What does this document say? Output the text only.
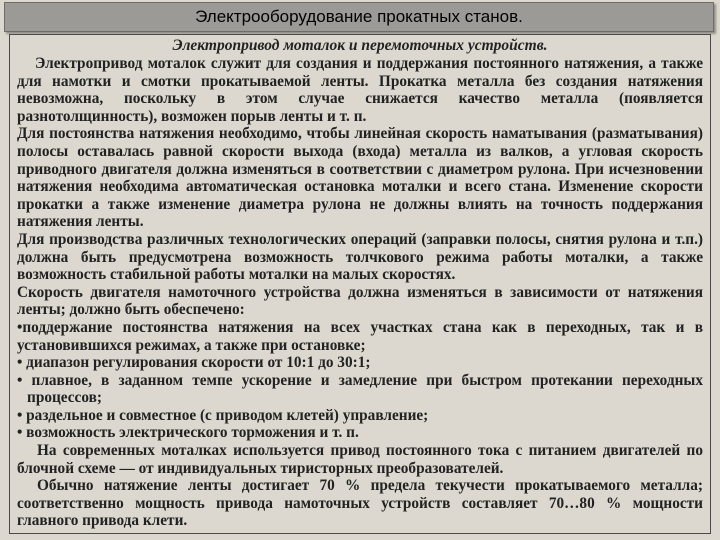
Электрооборудование прокатных станов.
Электропривод моталок и перемоточных устройств.

Электропривод моталок служит для создания и поддержания постоянного натяжения, а также для намотки и смотки прокатываемой ленты. Прокатка металла без создания натяжения невозможна, поскольку в этом случае снижается качество металла (появляется разнотолщинность), возможен порыв ленты и т. п.

Для постоянства натяжения необходимо, чтобы линейная скорость наматывания (разматывания) полосы оставалась равной скорости выхода (входа) металла из валков, а угловая скорость приводного двигателя должна изменяться в соответствии с диаметром рулона. При исчезновении натяжения необходима автоматическая остановка моталки и всего стана. Изменение скорости прокатки а также изменение диаметра рулона не должны влиять на точность поддержания натяжения ленты.

Для производства различных технологических операций (заправки полосы, снятия рулона и т.п.) должна быть предусмотрена возможность толчкового режима работы моталки, а также возможность стабильной работы моталки на малых скоростях.

Скорость двигателя намоточного устройства должна изменяться в зависимости от натяжения ленты; должно быть обеспечено:

•поддержание постоянства натяжения на всех участках стана как в переходных, так и в установившихся режимах, а также при остановке;

• диапазон регулирования скорости от 10:1 до 30:1;

• плавное, в заданном темпе ускорение и замедление при быстром протекании переходных процессов;

• раздельное и совместное (с приводом клетей) управление;

• возможность электрического торможения и т. п.

На современных моталках используется привод постоянного тока с питанием двигателей по блочной схеме — от индивидуальных тиристорных преобразователей.

Обычно натяжение ленты достигает 70 % предела текучести прокатываемого металла; соответственно мощность привода намоточных устройств составляет 70…80 % мощности главного привода клети.
